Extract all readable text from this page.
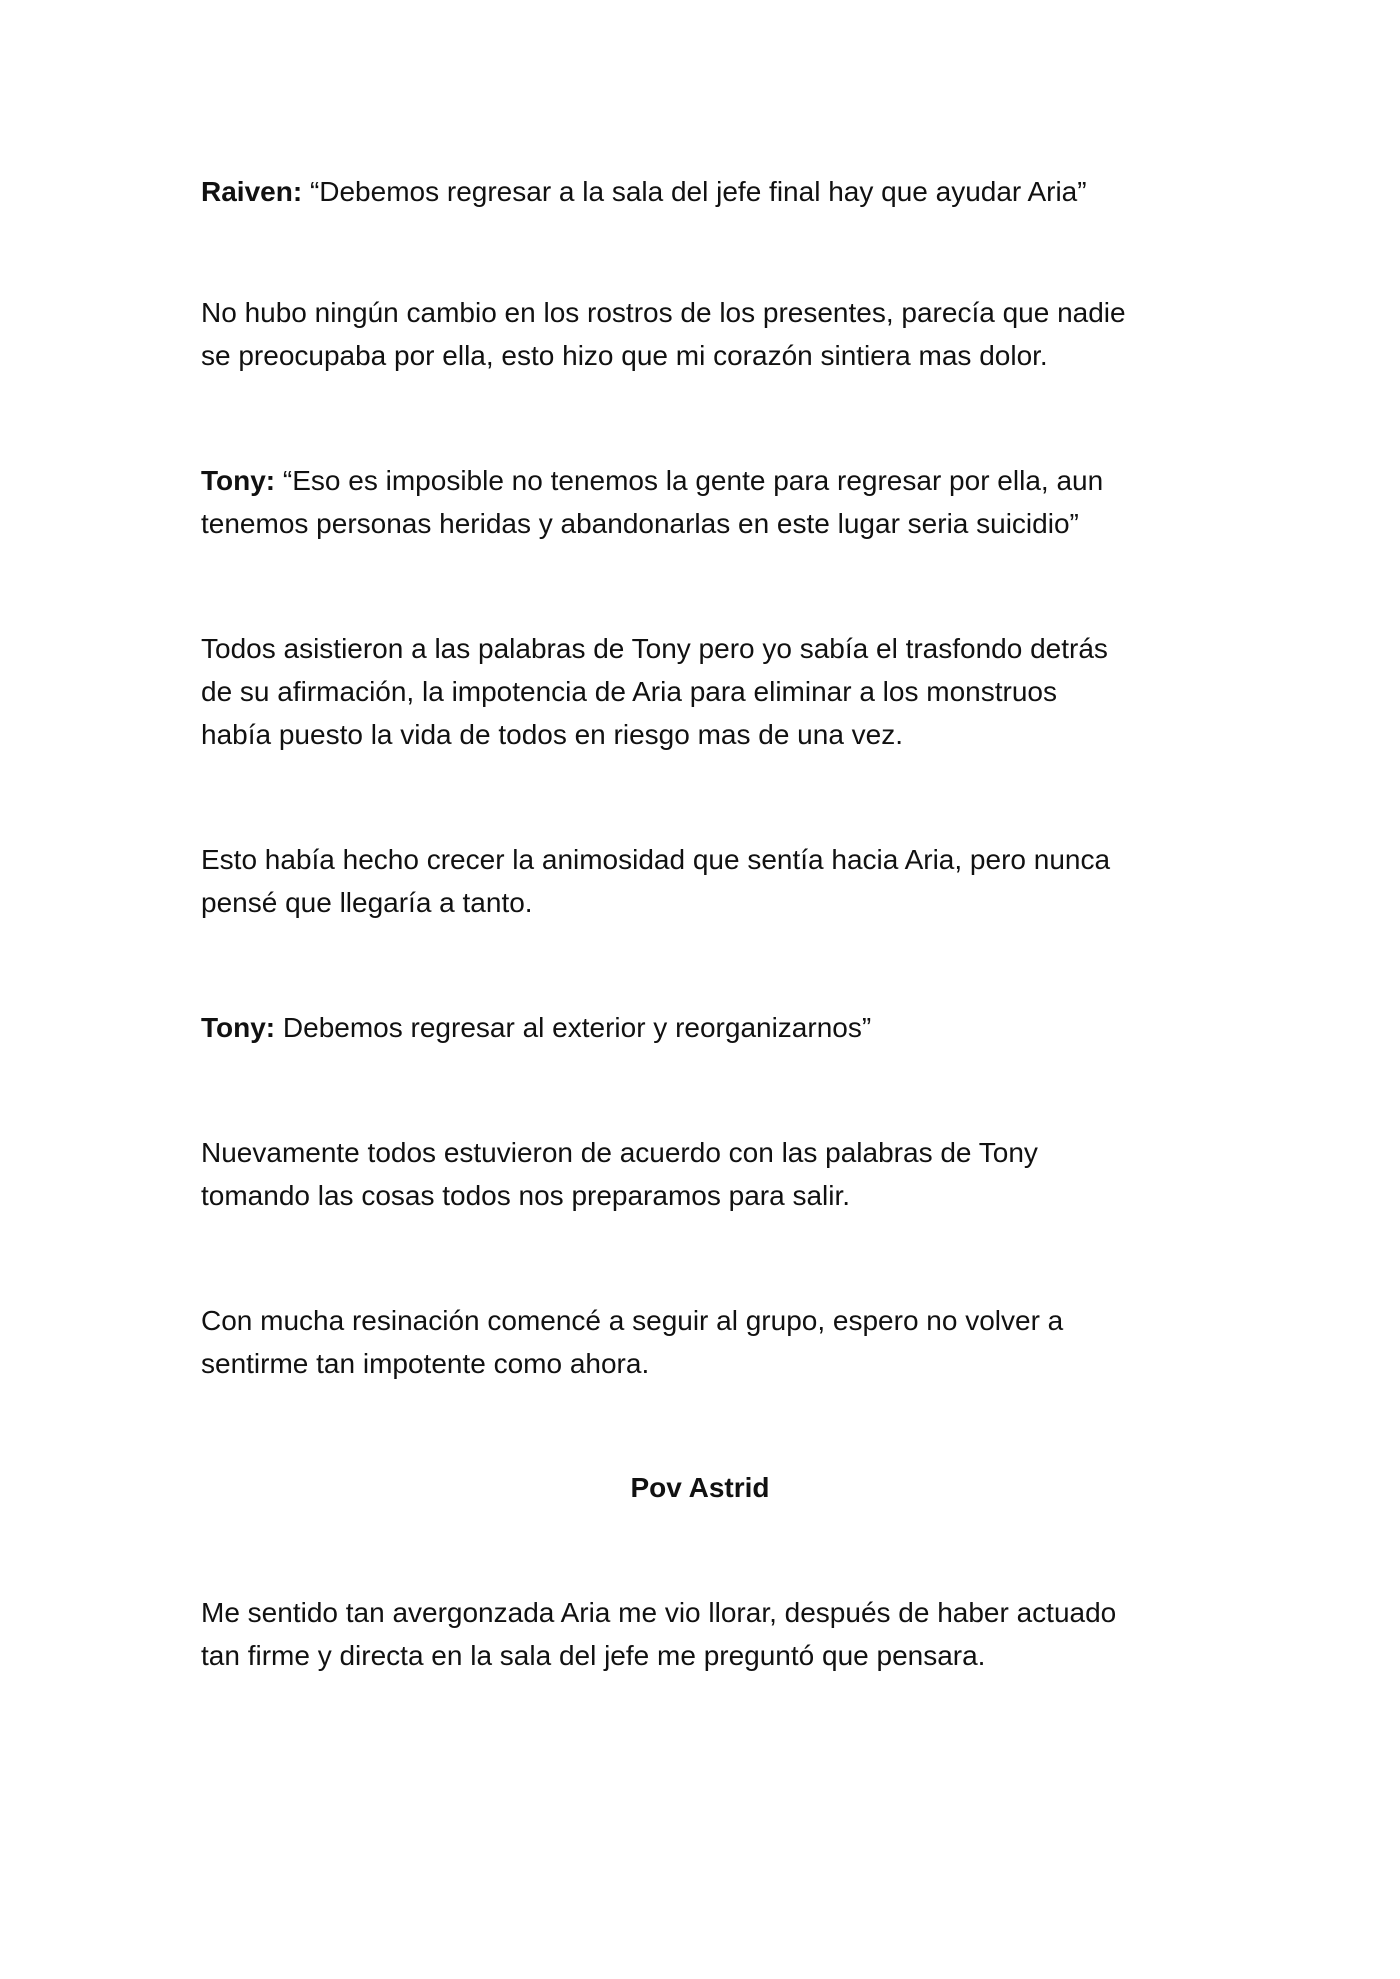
Raiven: “Debemos regresar a la sala del jefe final hay que ayudar Aria”

No hubo ningún cambio en los rostros de los presentes, parecía que nadie
se preocupaba por ella, esto hizo que mi corazón sintiera mas dolor.

Tony: “Eso es imposible no tenemos la gente para regresar por ella, aun
tenemos personas heridas y abandonarlas en este lugar seria suicidio”

Todos asistieron a las palabras de Tony pero yo sabía el trasfondo detrás
de su afirmación, la impotencia de Aria para eliminar a los monstruos
había puesto la vida de todos en riesgo mas de una vez.

Esto había hecho crecer la animosidad que sentía hacia Aria, pero nunca
pensé que llegaría a tanto.

Tony: Debemos regresar al exterior y reorganizarnos”

Nuevamente todos estuvieron de acuerdo con las palabras de Tony
tomando las cosas todos nos preparamos para salir.

Con mucha resinación comencé a seguir al grupo, espero no volver a
sentirme tan impotente como ahora.

Pov Astrid

Me sentido tan avergonzada Aria me vio llorar, después de haber actuado
tan firme y directa en la sala del jefe me preguntó que pensara.
